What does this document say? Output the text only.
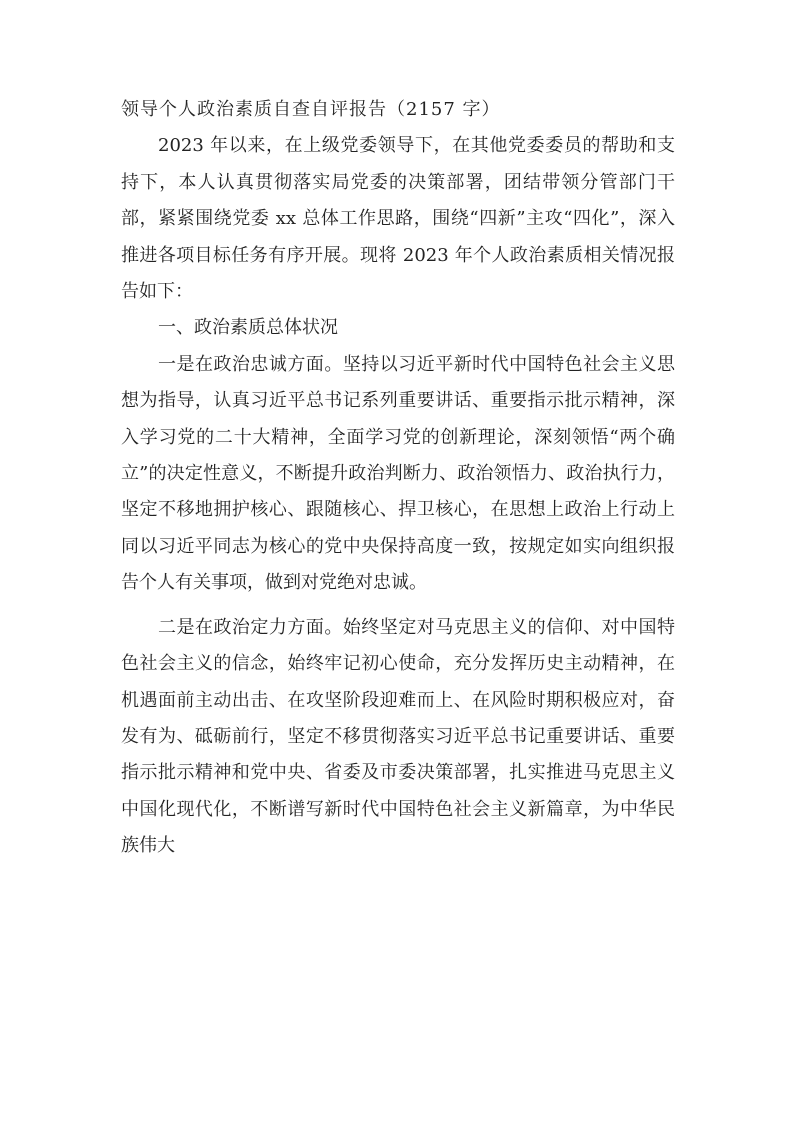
领导个人政治素质自查自评报告（2157 字）

2023 年以来，在上级党委领导下，在其他党委委员的帮助和支持下，本人认真贯彻落实局党委的决策部署，团结带领分管部门干部，紧紧围绕党委 xx 总体工作思路，围绕“四新”主攻“四化”，深入推进各项目标任务有序开展。现将 2023 年个人政治素质相关情况报告如下：

一、政治素质总体状况

一是在政治忠诚方面。坚持以习近平新时代中国特色社会主义思想为指导，认真习近平总书记系列重要讲话、重要指示批示精神，深入学习党的二十大精神，全面学习党的创新理论，深刻领悟“两个确立”的决定性意义，不断提升政治判断力、政治领悟力、政治执行力，坚定不移地拥护核心、跟随核心、捍卫核心，在思想上政治上行动上同以习近平同志为核心的党中央保持高度一致，按规定如实向组织报告个人有关事项，做到对党绝对忠诚。

二是在政治定力方面。始终坚定对马克思主义的信仰、对中国特色社会主义的信念，始终牢记初心使命，充分发挥历史主动精神，在机遇面前主动出击、在攻坚阶段迎难而上、在风险时期积极应对，奋发有为、砥砺前行，坚定不移贯彻落实习近平总书记重要讲话、重要指示批示精神和党中央、省委及市委决策部署，扎实推进马克思主义中国化现代化，不断谱写新时代中国特色社会主义新篇章，为中华民族伟大
